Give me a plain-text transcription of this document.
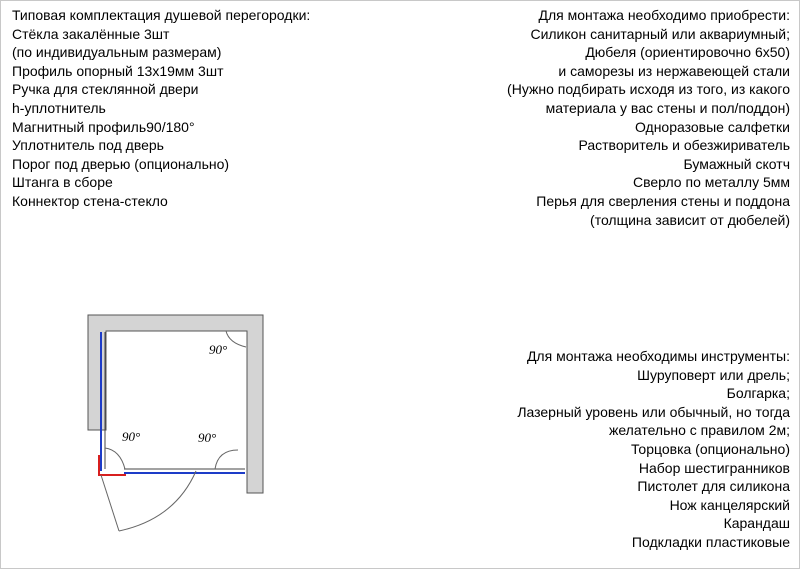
Типовая комплектация душевой перегородки:
Стёкла закалённые 3шт
(по индивидуальным размерам)
Профиль опорный 13х19мм 3шт
Ручка для стеклянной двери
h-уплотнитель
Магнитный профиль90/180°
Уплотнитель под дверь
Порог под дверью (опционально)
Штанга в сборе
Коннектор стена-стекло
Для монтажа необходимо приобрести:
Силикон санитарный или аквариумный;
Дюбеля (ориентировочно 6х50)
и саморезы из нержавеющей стали
(Нужно подбирать исходя из того, из какого
материала у вас стены и пол/поддон)
Одноразовые салфетки
Растворитель и обезжириватель
Бумажный скотч
Сверло по металлу 5мм
Перья для сверления стены и поддона
(толщина зависит от дюбелей)
Для монтажа необходимы инструменты:
Шуруповерт или дрель;
Болгарка;
Лазерный уровень или обычный, но тогда
желательно с правилом 2м;
Торцовка (опционально)
Набор шестигранников
Пистолет для силикона
Нож канцелярский
Карандаш
Подкладки пластиковые
90°
90°	90°
